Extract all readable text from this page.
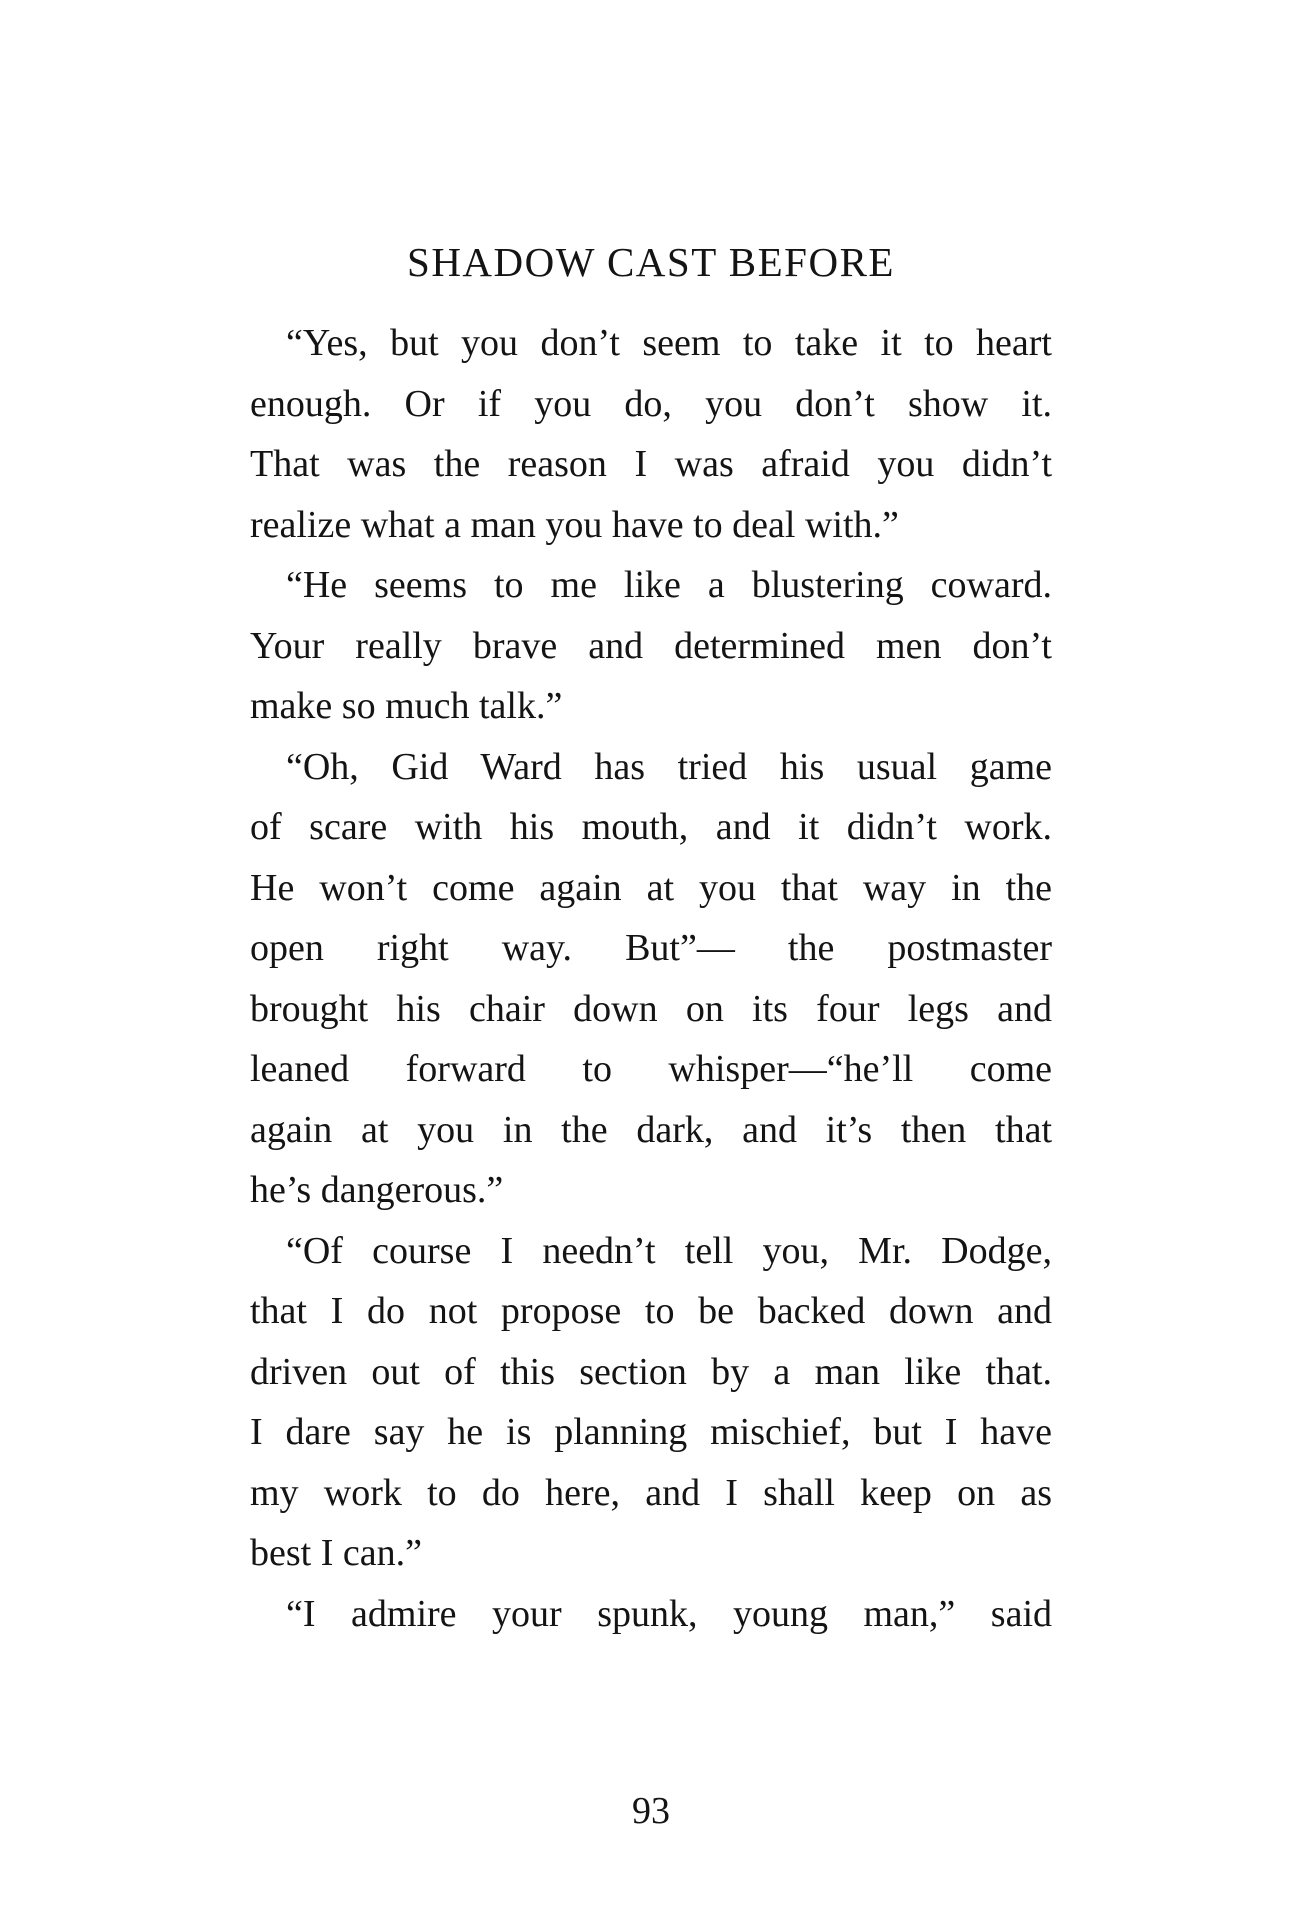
SHADOW CAST BEFORE

“Yes, but you don’t seem to take it to heart
enough. Or if you do, you don’t show it.
That was the reason I was afraid you didn’t
realize what a man you have to deal with.”

“He seems to me like a blustering coward.
Your really brave and determined men don’t
make so much talk.”

“Oh, Gid Ward has tried his usual game
of scare with his mouth, and it didn’t work.
He won’t come again at you that way in the
open right way. But”— the postmaster
brought his chair down on its four legs and
leaned forward to whisper—“he’ll come
again at you in the dark, and it’s then that
he’s dangerous.”

“Of course I needn’t tell you, Mr. Dodge,
that I do not propose to be backed down and
driven out of this section by a man like that.
I dare say he is planning mischief, but I have
my work to do here, and I shall keep on as
best I can.”

“I admire your spunk, young man,” said

93
